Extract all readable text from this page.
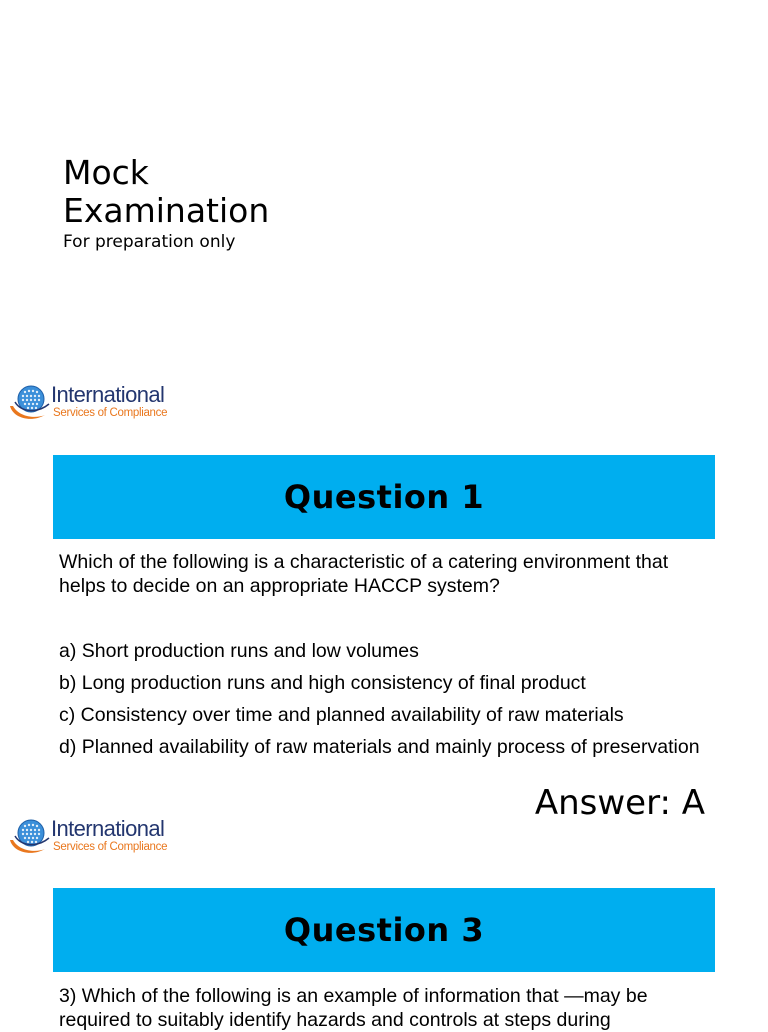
Mock
Examination
For preparation only
International
Services of Compliance
Question 1
Which of the following is a characteristic of a catering environment that helps to decide on an appropriate HACCP system?
a) Short production runs and low volumes
b) Long production runs and high consistency of final product
c) Consistency over time and planned availability of raw materials
d) Planned availability of raw materials and mainly process of preservation
Answer: A
International
Services of Compliance
Question 3
3) Which of the following is an example of information that —may be required to suitably identify hazards and controls at steps during
